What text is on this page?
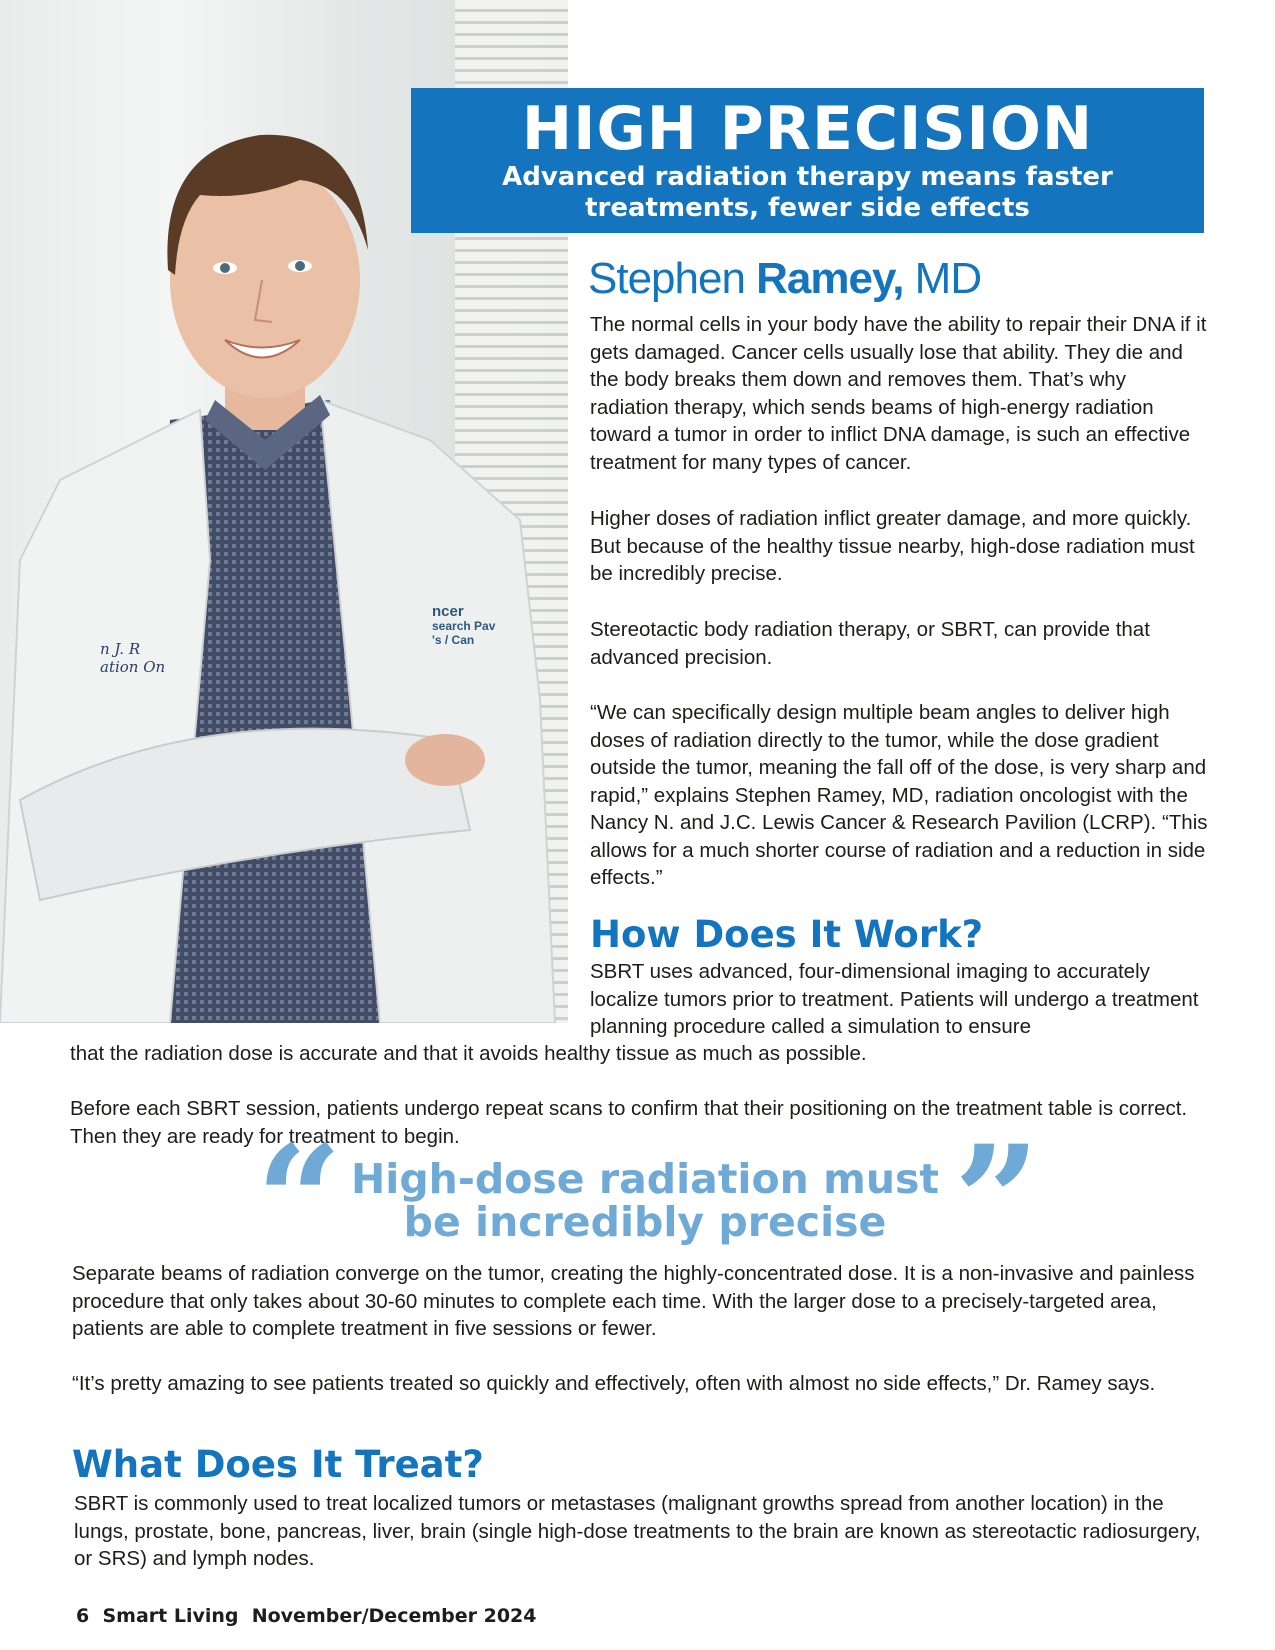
n J. R
ation On
ncer
search Pav
's / Can
HIGH PRECISION
Advanced radiation therapy means faster treatments, fewer side effects
Stephen Ramey, MD

The normal cells in your body have the ability to repair their DNA if it gets damaged. Cancer cells usually lose that ability. They die and the body breaks them down and removes them. That’s why radiation therapy, which sends beams of high-energy radiation toward a tumor in order to inflict DNA damage, is such an effective treatment for many types of cancer.

Higher doses of radiation inflict greater damage, and more quickly. But because of the healthy tissue nearby, high-dose radiation must be incredibly precise.

Stereotactic body radiation therapy, or SBRT, can provide that advanced precision.

“We can specifically design multiple beam angles to deliver high doses of radiation directly to the tumor, while the dose gradient outside the tumor, meaning the fall off of the dose, is very sharp and rapid,” explains Stephen Ramey, MD, radiation oncologist with the Nancy N. and J.C. Lewis Cancer & Research Pavilion (LCRP). “This allows for a much shorter course of radiation and a reduction in side effects.”

How Does It Work?

SBRT uses advanced, four-dimensional imaging to accurately localize tumors prior to treatment. Patients will undergo a treatment planning procedure called a simulation to ensure

that the radiation dose is accurate and that it avoids healthy tissue as much as possible.

Before each SBRT session, patients undergo repeat scans to confirm that their positioning on the treatment table is correct. Then they are ready for treatment to begin.

“ High-dose radiation must be incredibly precise ”

Separate beams of radiation converge on the tumor, creating the highly-concentrated dose. It is a non-invasive and painless procedure that only takes about 30-60 minutes to complete each time. With the larger dose to a precisely-targeted area, patients are able to complete treatment in five sessions or fewer.

“It’s pretty amazing to see patients treated so quickly and effectively, often with almost no side effects,” Dr. Ramey says.

What Does It Treat?

SBRT is commonly used to treat localized tumors or metastases (malignant growths spread from another location) in the lungs, prostate, bone, pancreas, liver, brain (single high-dose treatments to the brain are known as stereotactic radiosurgery, or SRS) and lymph nodes.

6 Smart Living November/December 2024
